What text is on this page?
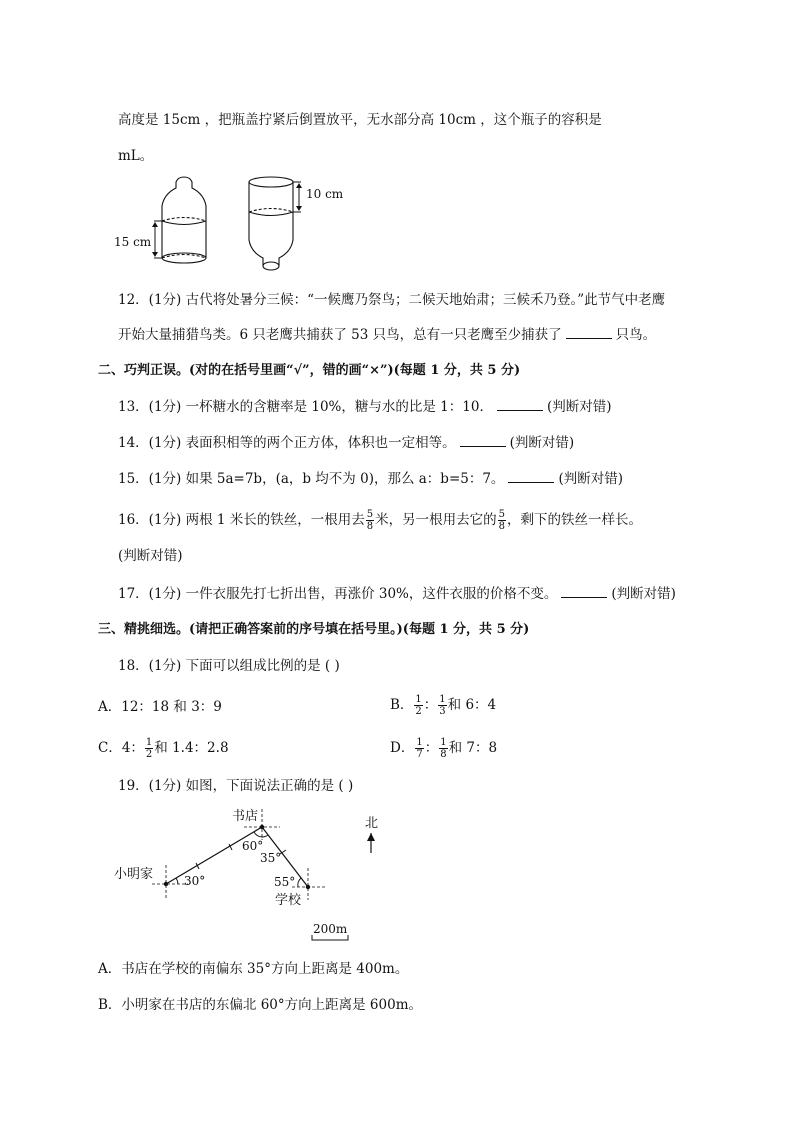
高度是 15cm ，把瓶盖拧紧后倒置放平，无水部分高 10cm ，这个瓶子的容积是
mL。
15 cm
10 cm
12．(1分) 古代将处暑分三候：“一候鹰乃祭鸟；二候天地始肃；三候禾乃登。”此节气中老鹰
开始大量捕猎鸟类。6 只老鹰共捕获了 53 只鸟，总有一只老鹰至少捕获了	只鸟。
二、巧判正误。(对的在括号里画“√”，错的画“×”)(每题 1 分，共 5 分)
13．(1分) 一杯糖水的含糖率是 10%，糖与水的比是 1：10．	(判断对错)
14．(1分) 表面积相等的两个正方体，体积也一定相等。	(判断对错)
15．(1分) 如果 5a=7b，(a，b 均不为 0)，那么 a：b=5：7。	(判断对错)
16．(1分) 两根 1 米长的铁丝，一根用去 $\frac{5}{8}$ 米，另一根用去它的 $\frac{5}{8}$ ，剩下的铁丝一样长。
(判断对错)
17．(1分) 一件衣服先打七折出售，再涨价 30%，这件衣服的价格不变。	(判断对错)
三、精挑细选。(请把正确答案前的序号填在括号里。)(每题 1 分，共 5 分)
18．(1分) 下面可以组成比例的是 ( )
A．12：18 和 3：9	B． $\frac{1}{2}$ ： $\frac{1}{3}$ 和 6：4
C．4： $\frac{1}{2}$ 和 1.4：2.8	D． $\frac{1}{7}$ ： $\frac{1}{8}$ 和 7：8
19．(1分) 如图，下面说法正确的是 ( )
北
书店
小明家
学校
30°
60°
35°
55°
200m
A．书店在学校的南偏东 35°方向上距离是 400m。
B．小明家在书店的东偏北 60°方向上距离是 600m。
